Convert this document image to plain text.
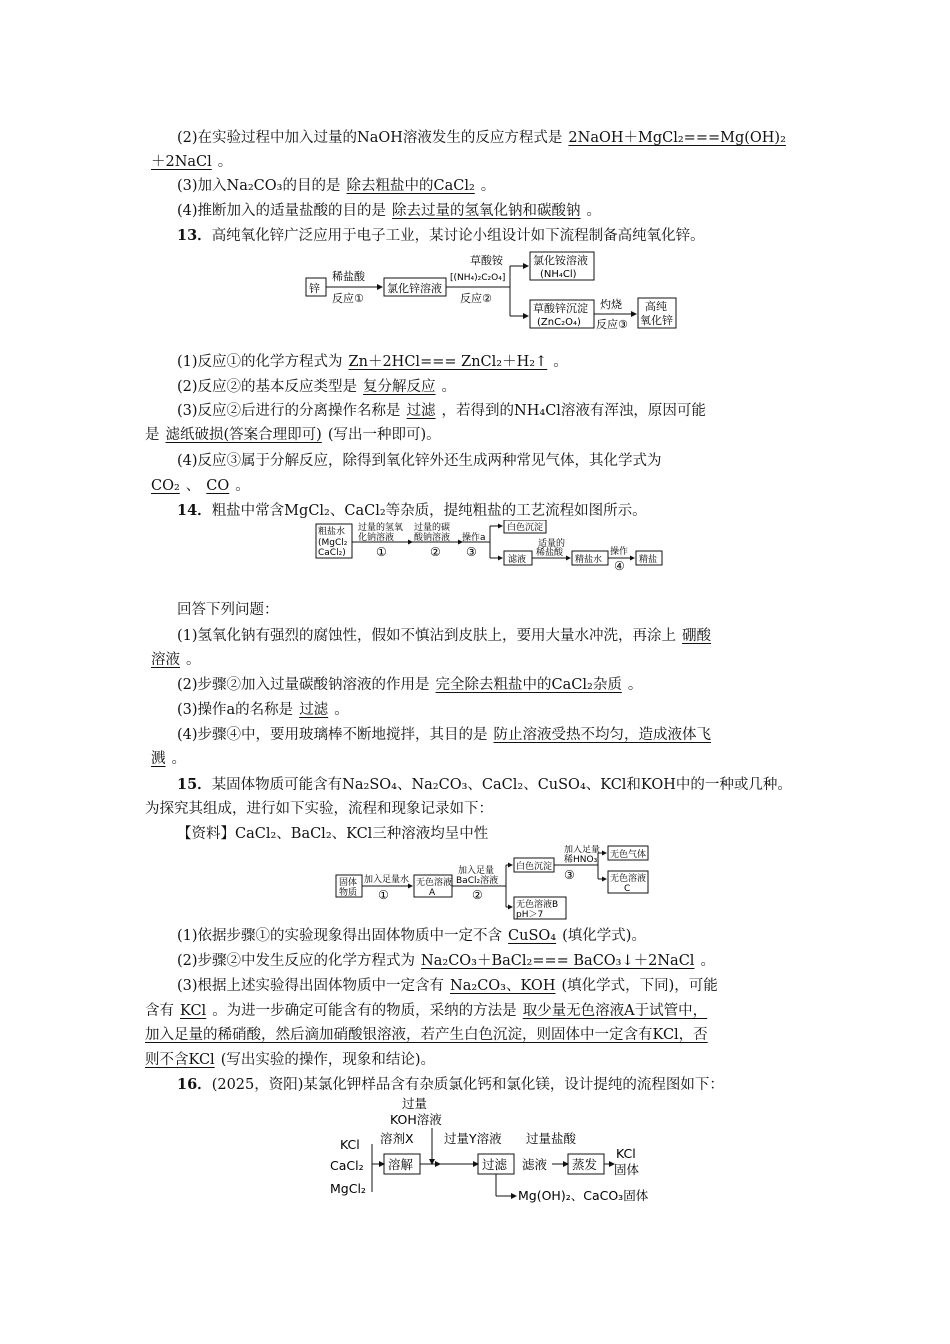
(2)在实验过程中加入过量的NaOH溶液发生的反应方程式是 2NaOH＋MgCl₂===Mg(OH)₂
＋2NaCl 。
(3)加入Na₂CO₃的目的是 除去粗盐中的CaCl₂ 。
(4)推断加入的适量盐酸的目的是 除去过量的氢氧化钠和碳酸钠 。
13．高纯氧化锌广泛应用于电子工业，某讨论小组设计如下流程制备高纯氧化锌。
锌
稀盐酸
反应①
氯化锌溶液
草酸铵
[(NH₄)₂C₂O₄]
反应②
氯化铵溶液
(NH₄Cl)
草酸锌沉淀
(ZnC₂O₄)
灼烧
反应③
高纯
氧化锌
(1)反应①的化学方程式为 Zn＋2HCl=== ZnCl₂＋H₂↑ 。
(2)反应②的基本反应类型是 复分解反应 。
(3)反应②后进行的分离操作名称是 过滤 ，若得到的NH₄Cl溶液有浑浊，原因可能
是 滤纸破损(答案合理即可) (写出一种即可)。
(4)反应③属于分解反应，除得到氧化锌外还生成两种常见气体，其化学式为
CO₂ 、 CO 。
14．粗盐中常含MgCl₂、CaCl₂等杂质，提纯粗盐的工艺流程如图所示。
粗盐水
(MgCl₂
CaCl₂)
过量的氢氧
化钠溶液
①
过量的碳
酸钠溶液
②
操作a
③
白色沉淀
滤液
适量的
稀盐酸
精盐水
操作
④ 精盐
回答下列问题：
(1)氢氧化钠有强烈的腐蚀性，假如不慎沾到皮肤上，要用大量水冲洗，再涂上 硼酸
溶液 。
(2)步骤②加入过量碳酸钠溶液的作用是 完全除去粗盐中的CaCl₂杂质 。
(3)操作a的名称是 过滤 。
(4)步骤④中，要用玻璃棒不断地搅拌，其目的是 防止溶液受热不均匀，造成液体飞
溅 。
15．某固体物质可能含有Na₂SO₄、Na₂CO₃、CaCl₂、CuSO₄、KCl和KOH中的一种或几种。
为探究其组成，进行如下实验，流程和现象记录如下：
【资料】CaCl₂、BaCl₂、KCl三种溶液均呈中性
固体
物质
加入足量水
①
无色溶液
A
加入足量
BaCl₂溶液
②
白色沉淀
无色溶液B
pH＞7
加入足量
稀HNO₃
③
无色气体
无色溶液
C
(1)依据步骤①的实验现象得出固体物质中一定不含 CuSO₄ (填化学式)。
(2)步骤②中发生反应的化学方程式为 Na₂CO₃＋BaCl₂=== BaCO₃↓＋2NaCl 。
(3)根据上述实验得出固体物质中一定含有 Na₂CO₃、KOH (填化学式，下同)，可能
含有 KCl 。为进一步确定可能含有的物质，采纳的方法是 取少量无色溶液A于试管中，
加入足量的稀硝酸，然后滴加硝酸银溶液，若产生白色沉淀，则固体中一定含有KCl，否
则不含KCl (写出实验的操作，现象和结论)。
16．(2025，资阳)某氯化钾样品含有杂质氯化钙和氯化镁，设计提纯的流程图如下：
过量
KOH溶液
溶剂X 过量Y溶液 过量盐酸
KCl
CaCl₂
MgCl₂
溶解	过滤 滤液 蒸发
KCl
固体
Mg(OH)₂、CaCO₃固体
